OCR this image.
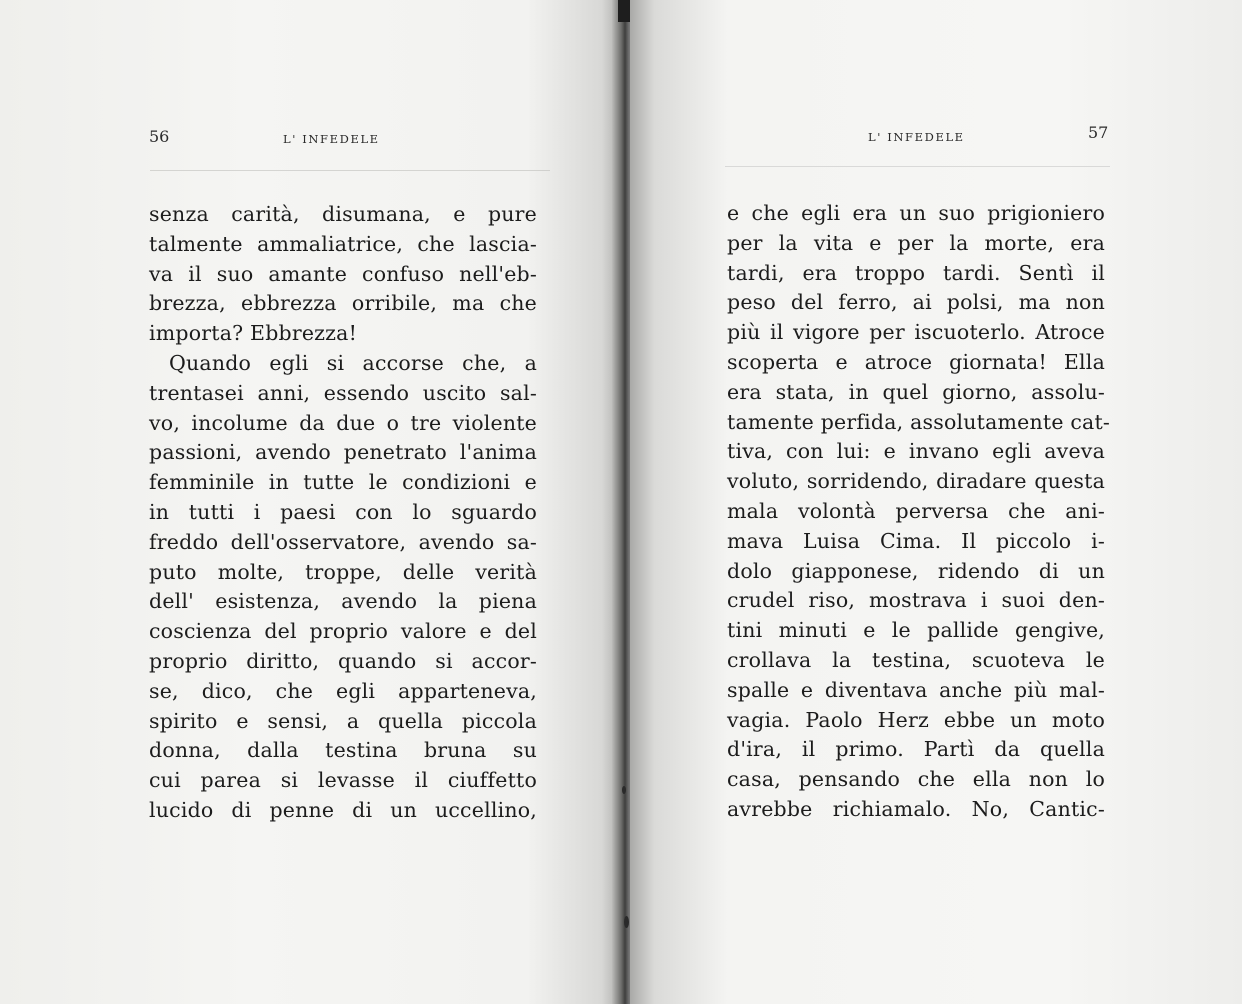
56	L' INFEDELE
senza carità, disumana, e pure
talmente ammaliatrice, che lascia-
va il suo amante confuso nell'eb-
brezza, ebbrezza orribile, ma che
importa? Ebbrezza!
Quando egli si accorse che, a
trentasei anni, essendo uscito sal-
vo, incolume da due o tre violente
passioni, avendo penetrato l'anima
femminile in tutte le condizioni e
in tutti i paesi con lo sguardo
freddo dell'osservatore, avendo sa-
puto molte, troppe, delle verità
dell' esistenza, avendo la piena
coscienza del proprio valore e del
proprio diritto, quando si accor-
se, dico, che egli apparteneva,
spirito e sensi, a quella piccola
donna, dalla testina bruna su
cui parea si levasse il ciuffetto
lucido di penne di un uccellino,
L' INFEDELE	57
e che egli era un suo prigioniero
per la vita e per la morte, era
tardi, era troppo tardi. Sentì il
peso del ferro, ai polsi, ma non
più il vigore per iscuoterlo. Atroce
scoperta e atroce giornata! Ella
era stata, in quel giorno, assolu-
tamente perfida, assolutamente cat-
tiva, con lui: e invano egli aveva
voluto, sorridendo, diradare questa
mala volontà perversa che ani-
mava Luisa Cima. Il piccolo i-
dolo giapponese, ridendo di un
crudel riso, mostrava i suoi den-
tini minuti e le pallide gengive,
crollava la testina, scuoteva le
spalle e diventava anche più mal-
vagia. Paolo Herz ebbe un moto
d'ira, il primo. Partì da quella
casa, pensando che ella non lo
avrebbe richiamalo. No, Cantic-
